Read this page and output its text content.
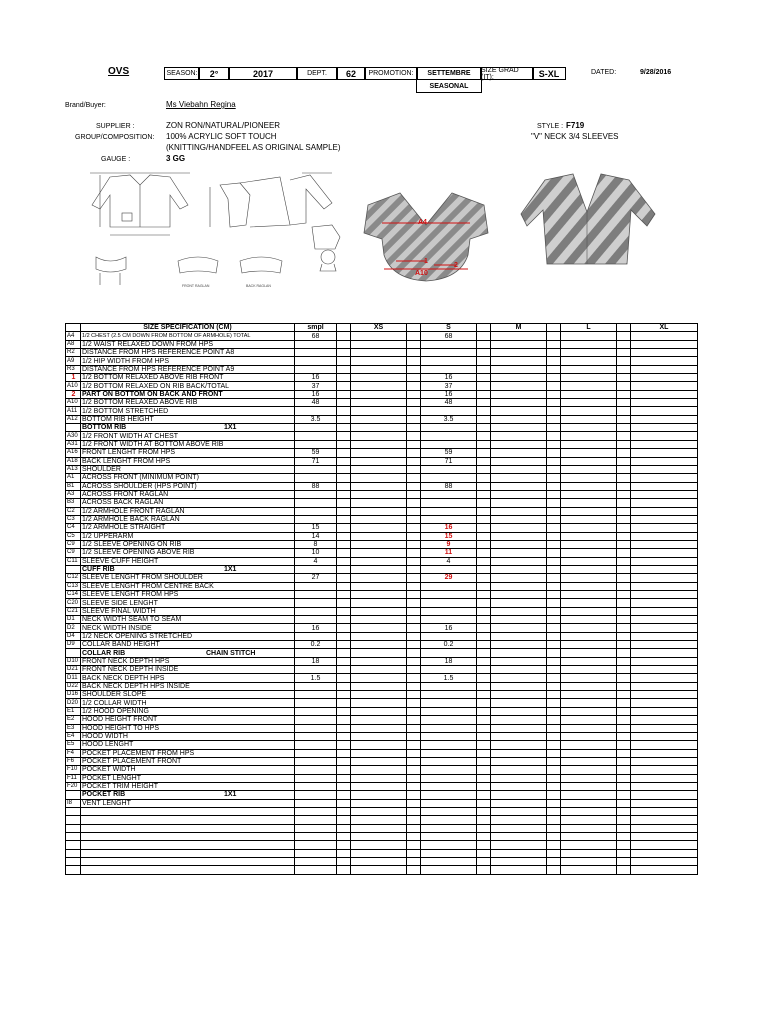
OVS	SEASON:	2°	2017	DEPT.	62	PROMOTION:	SETTEMBRE
SEASONAL
SIZE GRAD (IT):	S-XL	DATED:	9/28/2016
Brand/Buyer:	Ms Viebahn Regina
SUPPLIER :	ZON RON/NATURAL/PIONEER
GROUP/COMPOSITION: 100% ACRYLIC SOFT TOUCH
(KNITTING/HANDFEEL AS ORIGINAL SAMPLE)
GAUGE :	3 GG
STYLE : F719
"V" NECK 3/4 SLEEVES
FRONT RAGLAN	BACK RAGLAN
A4
1
2
A10
	SIZE SPECIFICATION (CM)	smpl		XS		S		M		L		XL		
A4	1/2 CHEST (2.5 CM DOWN FROM BOTTOM OF ARMHOLE) TOTAL	68				68								
A8	1/2 WAIST RELAXED DOWN FROM HPS													
R2	DISTANCE FROM HPS REFERENCE POINT A8													
A9	1/2 HIP WIDTH FROM HPS													
R3	DISTANCE FROM HPS REFERENCE POINT A9													
1	1/2 BOTTOM RELAXED ABOVE RIB FRONT	16				16								
A10	1/2 BOTTOM RELAXED ON RIB BACK/TOTAL	37				37								
2	PART ON BOTTOM ON BACK AND FRONT	16				16								
A10	1/2 BOTTOM RELAXED ABOVE RIB	48				48								
A11	1/2 BOTTOM STRETCHED													
A12	BOTTOM RIB HEIGHT	3.5				3.5								
	BOTTOM RIB 1X1													
A30	1/2 FRONT WIDTH AT CHEST													
A31	1/2 FRONT WIDTH AT BOTTOM ABOVE RIB													
A16	FRONT LENGHT FROM HPS	59				59								
A18	BACK LENGHT FROM HPS	71				71								
A13	SHOULDER													
A1	ACROSS FRONT (MINIMUM POINT)													
B1	ACROSS SHOULDER (HPS POINT)	88				88								
A3	ACROSS FRONT RAGLAN													
B3	ACROSS BACK RAGLAN													
C2	1/2 ARMHOLE FRONT RAGLAN													
C3	1/2 ARMHOLE BACK RAGLAN													
C4	1/2 ARMHOLE STRAIGHT	15				16								
C5	1/2 UPPERARM	14				15								
C9	1/2 SLEEVE OPENING ON RIB	8				9								
C9	1/2 SLEEVE OPENING ABOVE RIB	10				11								
C11	SLEEVE CUFF HEIGHT	4				4								
	CUFF RIB 1X1													
C12	SLEEVE LENGHT FROM SHOULDER	27				29								
C13	SLEEVE LENGHT FROM CENTRE BACK													
C14	SLEEVE LENGHT FROM HPS													
C20	SLEEVE SIDE LENGHT													
C21	SLEEVE FINAL WIDTH													
D1	NECK WIDTH SEAM TO SEAM													
D2	NECK WIDTH INSIDE	16				16								
D4	1/2 NECK OPENING STRETCHED													
D9	COLLAR BAND HEIGHT	0.2				0.2								
	COLLAR RIB CHAIN STITCH													
D10	FRONT NECK DEPTH HPS	18				18								
D21	FRONT NECK DEPTH INSIDE													
D11	BACK NECK DEPTH HPS	1.5				1.5								
D22	BACK NECK DEPTH HPS INSIDE													
D16	SHOULDER SLOPE													
D20	1/2 COLLAR WIDTH													
E1	1/2 HOOD OPENING													
E2	HOOD HEIGHT FRONT													
E3	HOOD HEIGHT TO HPS													
E4	HOOD WIDTH													
E5	HOOD LENGHT													
F4	POCKET PLACEMENT FROM HPS													
F6	POCKET PLACEMENT FRONT													
F10	POCKET WIDTH													
F11	POCKET LENGHT													
F20	POCKET TRIM HEIGHT													
	POCKET RIB 1X1													
I8	VENT LENGHT													
